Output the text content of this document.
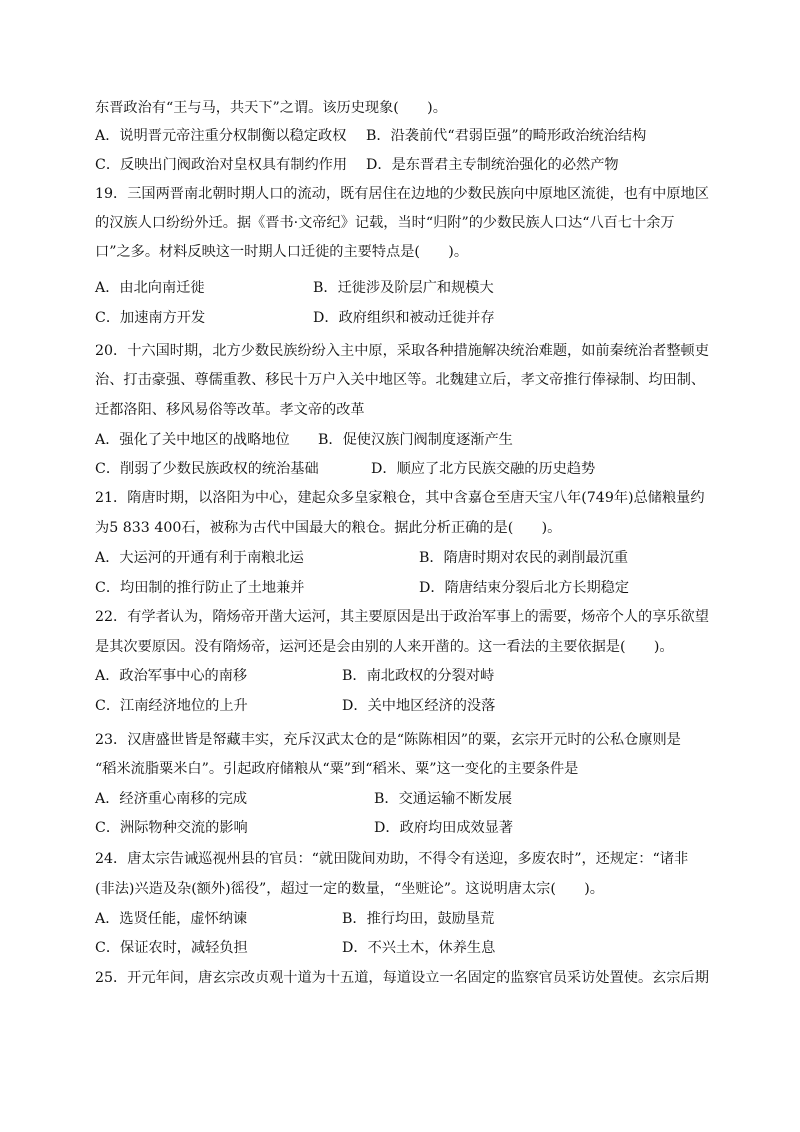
东晋政治有“王与马，共天下”之谓。该历史现象(　　)。
A．说明晋元帝注重分权制衡以稳定政权 B．沿袭前代“君弱臣强”的畸形政治统治结构
C．反映出门阀政治对皇权具有制约作用 D．是东晋君主专制统治强化的必然产物
19．三国两晋南北朝时期人口的流动，既有居住在边地的少数民族向中原地区流徙，也有中原地区
的汉族人口纷纷外迁。据《晋书·文帝纪》记载，当时“归附”的少数民族人口达“八百七十余万
口”之多。材料反映这一时期人口迁徙的主要特点是(　　)。
A．由北向南迁徙	B．迁徙涉及阶层广和规模大
C．加速南方开发	D．政府组织和被动迁徙并存
20．十六国时期，北方少数民族纷纷入主中原，采取各种措施解决统治难题，如前秦统治者整顿吏
治、打击豪强、尊儒重教、移民十万户入关中地区等。北魏建立后，孝文帝推行俸禄制、均田制、
迁都洛阳、移风易俗等改革。孝文帝的改革
A．强化了关中地区的战略地位 B．促使汉族门阀制度逐渐产生
C．削弱了少数民族政权的统治基础	D．顺应了北方民族交融的历史趋势
21．隋唐时期，以洛阳为中心，建起众多皇家粮仓，其中含嘉仓至唐天宝八年(749年)总储粮量约
为5 833 400石，被称为古代中国最大的粮仓。据此分析正确的是(　　)。
A．大运河的开通有利于南粮北运	B．隋唐时期对农民的剥削最沉重
C．均田制的推行防止了土地兼并	D．隋唐结束分裂后北方长期稳定
22．有学者认为，隋炀帝开凿大运河，其主要原因是出于政治军事上的需要，炀帝个人的享乐欲望
是其次要原因。没有隋炀帝，运河还是会由别的人来开凿的。这一看法的主要依据是(　　)。
A．政治军事中心的南移	B．南北政权的分裂对峙
C．江南经济地位的上升	D．关中地区经济的没落
23．汉唐盛世皆是帑藏丰实，充斥汉武太仓的是“陈陈相因”的粟，玄宗开元时的公私仓廪则是
“稻米流脂粟米白”。引起政府储粮从“粟”到“稻米、粟”这一变化的主要条件是
A．经济重心南移的完成	B．交通运输不断发展
C．洲际物种交流的影响	D．政府均田成效显著
24．唐太宗告诫巡视州县的官员：“就田陇间劝助，不得令有送迎，多废农时”，还规定：“诸非
(非法)兴造及杂(额外)徭役”，超过一定的数量，“坐赃论”。这说明唐太宗(　　)。
A．选贤任能，虚怀纳谏	B．推行均田，鼓励垦荒
C．保证农时，减轻负担	D．不兴土木，休养生息
25．开元年间，唐玄宗改贞观十道为十五道，每道设立一名固定的监察官员采访处置使。玄宗后期
